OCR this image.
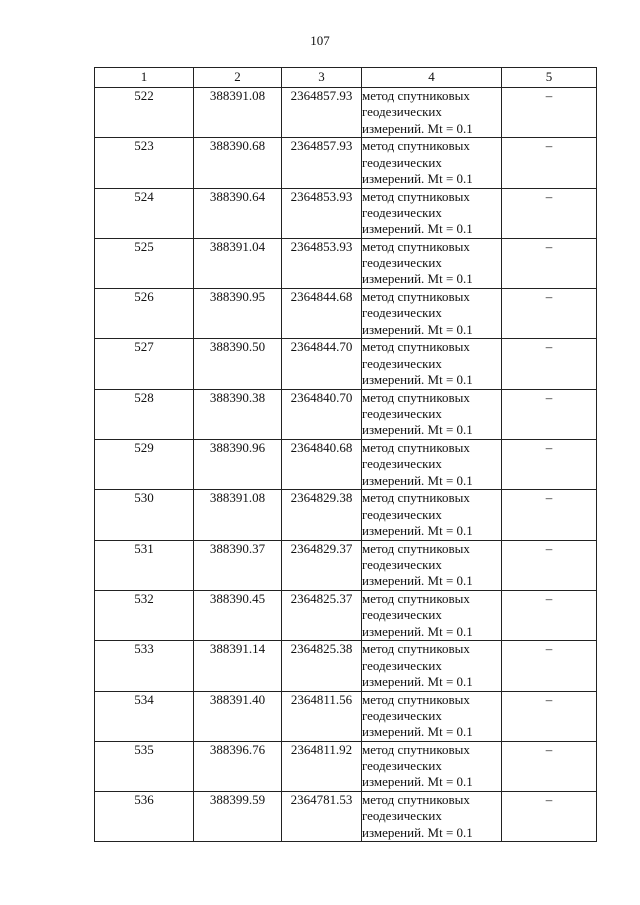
107
1	2	3	4	5
522	388391.08	2364857.93	метод спутниковых
геодезических
измерений. Mt = 0.1	–
523	388390.68	2364857.93	метод спутниковых
геодезических
измерений. Mt = 0.1	–
524	388390.64	2364853.93	метод спутниковых
геодезических
измерений. Mt = 0.1	–
525	388391.04	2364853.93	метод спутниковых
геодезических
измерений. Mt = 0.1	–
526	388390.95	2364844.68	метод спутниковых
геодезических
измерений. Mt = 0.1	–
527	388390.50	2364844.70	метод спутниковых
геодезических
измерений. Mt = 0.1	–
528	388390.38	2364840.70	метод спутниковых
геодезических
измерений. Mt = 0.1	–
529	388390.96	2364840.68	метод спутниковых
геодезических
измерений. Mt = 0.1	–
530	388391.08	2364829.38	метод спутниковых
геодезических
измерений. Mt = 0.1	–
531	388390.37	2364829.37	метод спутниковых
геодезических
измерений. Mt = 0.1	–
532	388390.45	2364825.37	метод спутниковых
геодезических
измерений. Mt = 0.1	–
533	388391.14	2364825.38	метод спутниковых
геодезических
измерений. Mt = 0.1	–
534	388391.40	2364811.56	метод спутниковых
геодезических
измерений. Mt = 0.1	–
535	388396.76	2364811.92	метод спутниковых
геодезических
измерений. Mt = 0.1	–
536	388399.59	2364781.53	метод спутниковых
геодезических
измерений. Mt = 0.1	–
